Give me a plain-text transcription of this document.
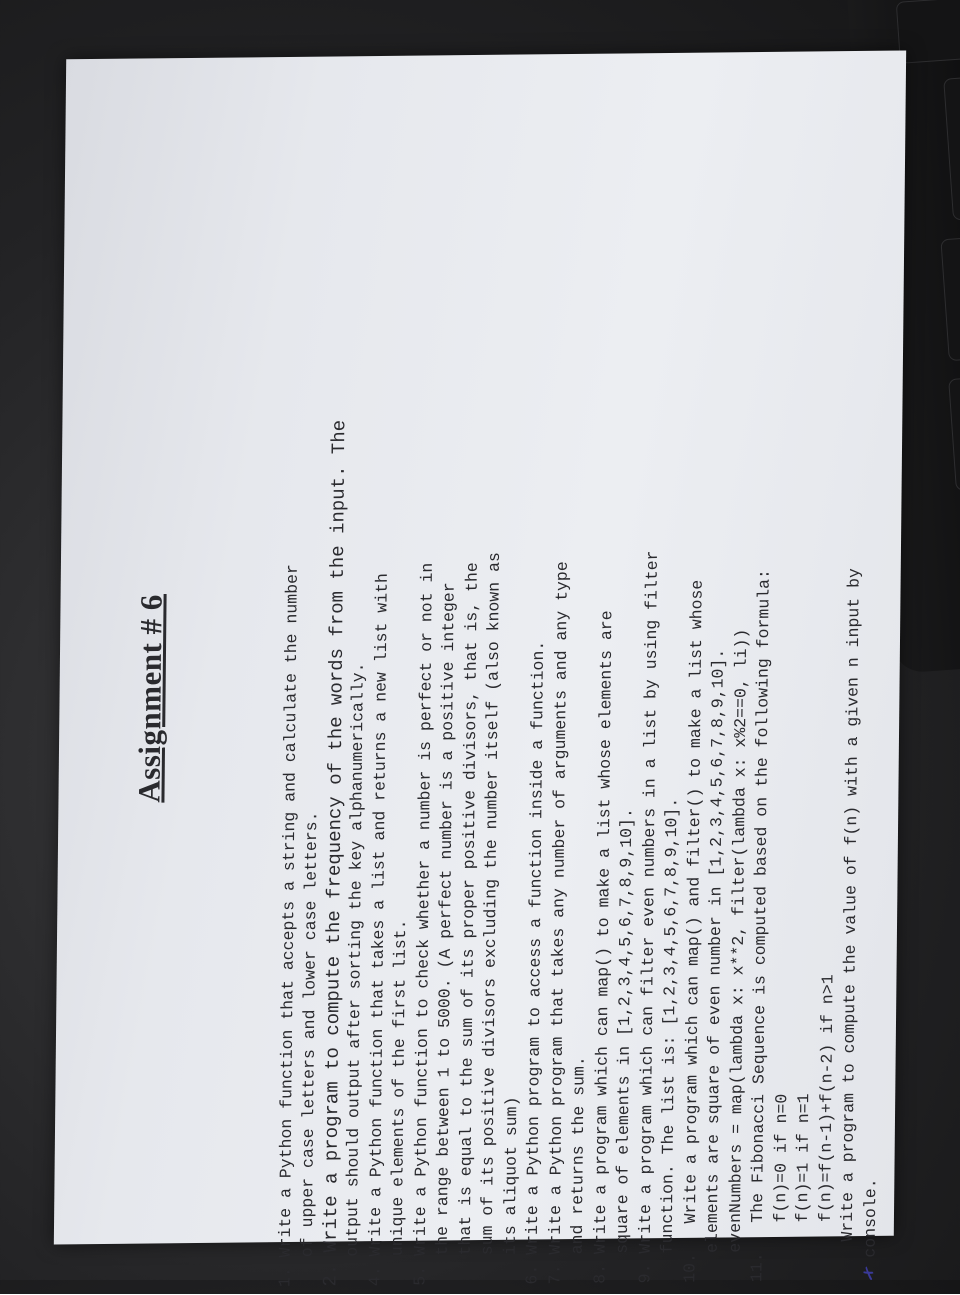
Assignment # 6	1. Write a Python function that accepts a string and calculate the number
of upper case letters and lower case letters.
2. Write a program to compute the frequency of the words from the input. The
output should output after sorting the key alphanumerically.
4. Write a Python function that takes a list and returns a new list with
unique elements of the first list. 5. Write a Python function to check whether a number is perfect or not in
the range between 1 to 5000. (A perfect number is a positive integer
that is equal to the sum of its proper positive divisors, that is, the
sum of its positive divisors excluding the number itself (also known as
its aliquot sum) 6. Write a Python program to access a function inside a function.
7. Write a Python program that takes any number of arguments and any type
and returns the sum. 8. Write a program which can map() to make a list whose elements are
square of elements in [1,2,3,4,5,6,7,8,9,10].
9. Write a program which can filter even numbers in a list by using filter
function. The list is: [1,2,3,4,5,6,7,8,9,10].
10.   Write a program which can map() and filter() to make a list whose
elements are square of even number in [1,2,3,4,5,6,7,8,9,10].
evenNumbers = map(lambda x: x**2, filter(lambda x: x%2==0, li))
11.   The Fibonacci Sequence is computed based on the following formula:
f(n)=0 if n=0 f(n)=1 if n=1 f(n)=f(n-1)+f(n-2) if n>1 Write a program to compute the value of f(n) with a given n input by
✗ console.
